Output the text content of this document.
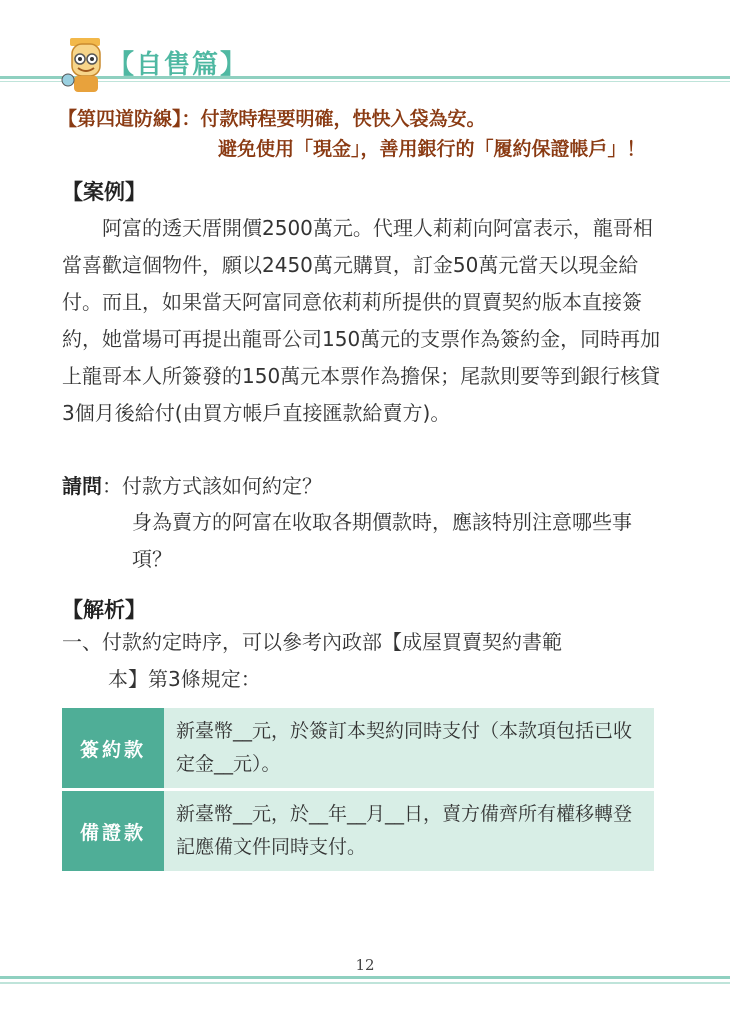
【自售篇】
【第四道防線】：付款時程要明確，快快入袋為安。
避免使用「現金」，善用銀行的「履約保證帳戶」！
【案例】

阿富的透天厝開價2500萬元。代理人莉莉向阿富表示，龍哥相當喜歡這個物件，願以2450萬元購買，訂金50萬元當天以現金給付。而且，如果當天阿富同意依莉莉所提供的買賣契約版本直接簽約，她當場可再提出龍哥公司150萬元的支票作為簽約金，同時再加上龍哥本人所簽發的150萬元本票作為擔保；尾款則要等到銀行核貸3個月後給付(由買方帳戶直接匯款給賣方)。

請問：付款方式該如何約定？
身為賣方的阿富在收取各期價款時，應該特別注意哪些事項？
【解析】
一、付款約定時序，可以參考內政部【成屋買賣契約書範
本】第3條規定：
簽約款	新臺幣__元，於簽訂本契約同時支付（本款項包括已收定金__元）。
備證款	新臺幣__元，於__年__月__日，賣方備齊所有權移轉登記應備文件同時支付。
12
